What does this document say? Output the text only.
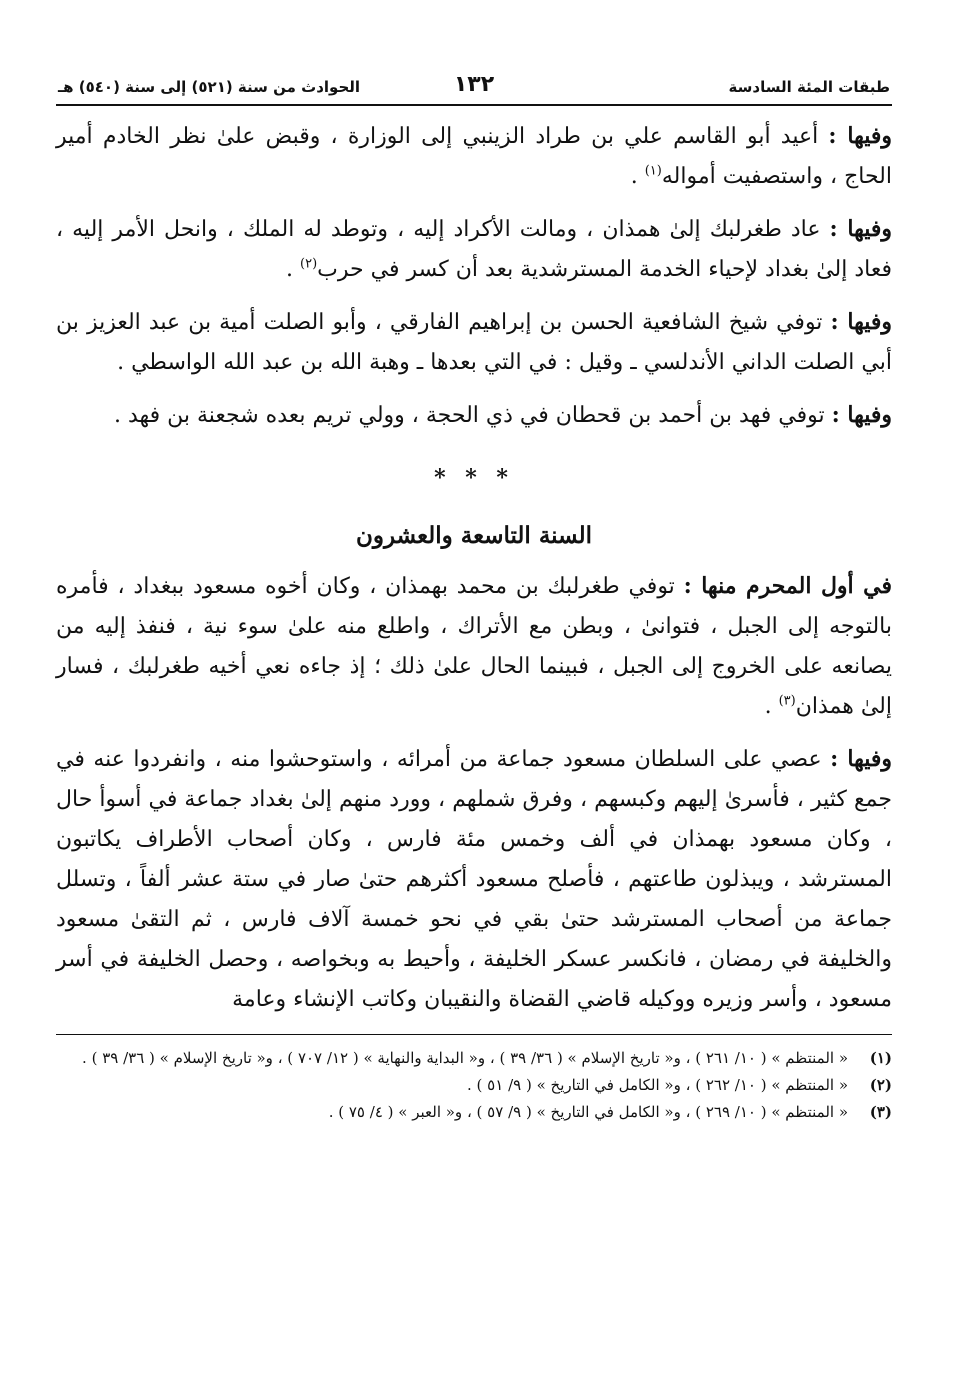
طبقات المئة السادسة
١٣٢
الحوادث من سنة (٥٢١) إلى سنة (٥٤٠) هـ

وفيها : أعيد أبو القاسم علي بن طراد الزينبي إلى الوزارة ، وقبض علىٰ نظر الخادم أمير الحاج ، واستصفيت أمواله$^{(١)}$ .

وفيها : عاد طغرلبك إلىٰ همذان ، ومالت الأكراد إليه ، وتوطد له الملك ، وانحل الأمر إليه ، فعاد إلىٰ بغداد لإحياء الخدمة المسترشدية بعد أن كسر في حرب$^{(٢)}$ .

وفيها : توفي شيخ الشافعية الحسن بن إبراهيم الفارقي ، وأبو الصلت أمية بن عبد العزيز بن أبي الصلت الداني الأندلسي ـ وقيل : في التي بعدها ـ وهبة الله بن عبد الله الواسطي .

وفيها : توفي فهد بن أحمد بن قحطان في ذي الحجة ، وولي تريم بعده شجعنة بن فهد .

* * *
السنة التاسعة والعشرون

في أول المحرم منها : توفي طغرلبك بن محمد بهمذان ، وكان أخوه مسعود ببغداد ، فأمره بالتوجه إلى الجبل ، فتوانىٰ ، وبطن مع الأتراك ، واطلع منه علىٰ سوء نية ، فنفذ إليه من يصانعه على الخروج إلى الجبل ، فبينما الحال علىٰ ذلك ؛ إذ جاءه نعي أخيه طغرلبك ، فسار إلىٰ همذان$^{(٣)}$ .

وفيها : عصي على السلطان مسعود جماعة من أمرائه ، واستوحشوا منه ، وانفردوا عنه في جمع كثير ، فأسرىٰ إليهم وكبسهم ، وفرق شملهم ، وورد منهم إلىٰ بغداد جماعة في أسوأ حال ، وكان مسعود بهمذان في ألف وخمس مئة فارس ، وكان أصحاب الأطراف يكاتبون المسترشد ، ويبذلون طاعتهم ، فأصلح مسعود أكثرهم حتىٰ صار في ستة عشر ألفاً ، وتسلل جماعة من أصحاب المسترشد حتىٰ بقي في نحو خمسة آلاف فارس ، ثم التقىٰ مسعود والخليفة في رمضان ، فانكسر عسكر الخليفة ، وأحيط به وبخواصه ، وحصل الخليفة في أسر مسعود ، وأسر وزيره ووكيله قاضي القضاة والنقيبان وكاتب الإنشاء وعامة

(١)
« المنتظم » ( ١٠/ ٢٦١ ) ، و« تاريخ الإسلام » ( ٣٦/ ٣٩ ) ، و« البداية والنهاية » ( ١٢/ ٧٠٧ ) ، و« تاريخ الإسلام » ( ٣٦/ ٣٩ ) .
(٢)
« المنتظم » ( ١٠/ ٢٦٢ ) ، و« الكامل في التاريخ » ( ٩/ ٥١ ) .
(٣)
« المنتظم » ( ١٠/ ٢٦٩ ) ، و« الكامل في التاريخ » ( ٩/ ٥٧ ) ، و« العبر » ( ٤/ ٧٥ ) .
